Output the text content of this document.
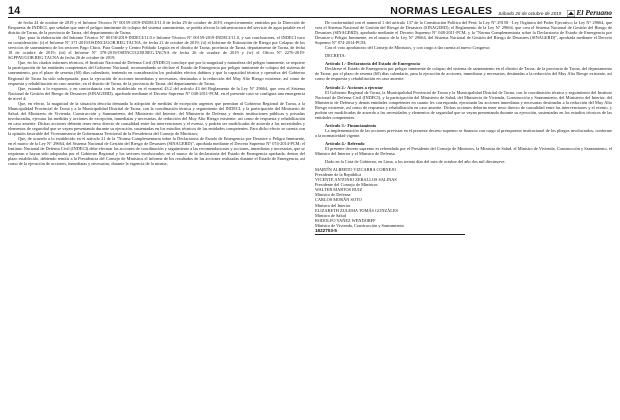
14	NORMAS LEGALES Sábado 26 de octubre de 2019 El Peruano

de fecha 24 de octubre de 2019 y el Informe Técnico N° 00159-2019-INDECI/11.0 de fecha 29 de octubre de 2019, respectivamente, emitidos por la Dirección de Respuesta de INDECI, que señalan que ante el peligro inminente de colapso del sistema saneamiento, se podría afectar la infraestructura del servicio de agua potable en el distrito de Tacna, de la provincia de Tacna, del departamento de Tacna;

Que, para la elaboración del Informe Técnico N° 00158-2019-INDECI/11.0 e Informe Técnico N° 00159-2019-INDECI/11.0, y sus conclusiones, el INDECI tuvo en consideración: (i) el Informe N° 371-2019/OSDNCI/GOB.REG.TACNA, de fecha 21 de octubre de 2019; (ii) el Informe de Estimación de Riesgo por Colapso de los servicios de saneamiento de los sectores Pago Chico, Para Grande y Centro Poblado Leguía en el distrito de Tacna, provincia de Tacna, departamento de Tacna, de fecha 18 de octubre de 2019; (iii) el Informe N° 378-2019/OSDNCI/GOB.REG.TACNA de fecha 26 de octubre de 2019 y (iv) el Oficio N° 2276-2019-SGPPAT/GOB.REG.TACNA de fecha 26 de octubre de 2019;

Que, en los citados informes técnicos, el Instituto Nacional de Defensa Civil (INDECI) concluye que por la magnitud y naturaleza del peligro inminente, se requiere la participación de las entidades competentes del Gobierno Nacional; recomendando se declare el Estado de Emergencia por peligro inminente de colapso del sistema de saneamiento, por el plazo de sesenta (60) días calendario, teniendo en consideración los probables efectos dañinos y que la capacidad técnica y operativa del Gobierno Regional de Tacna ha sido sobrepasada, para la ejecución de acciones inmediatas y necesarias, destinadas a la reducción del Muy Alto Riesgo existente, así como de respuesta y rehabilitación en caso amerite, en el distrito de Tacna, de la provincia de Tacna, del departamento de Tacna;

Que, estando a lo expuesto, y en concordancia con lo establecido en el numeral 43.2 del artículo 43 del Reglamento de la Ley N° 29664, que crea el Sistema Nacional de Gestión del Riesgo de Desastres (SINAGERD), aprobado mediante el Decreto Supremo N° 048-2011-PCM, en el presente caso se configura una emergencia de nivel 4;

Que, en efecto, la magnitud de la situación descrita demanda la adopción de medidas de excepción urgentes que permitan al Gobierno Regional de Tacna, a la Municipalidad Provincial de Tacna y a la Municipalidad Distrital de Tacna, con la coordinación técnica y seguimiento del INDECI, y la participación del Ministerio de Salud, del Ministerio de Vivienda, Construcción y Saneamiento, del Ministerio del Interior, del Ministerio de Defensa y demás instituciones públicas y privadas involucradas, ejecutar las medidas y acciones de excepción, inmediatas y necesarias, de reducción del Muy Alto Riesgo existente, así como de respuesta y rehabilitación en caso amerite. Dichas acciones deberán tener nexo directo de causalidad entre las intervenciones y el evento, y podrán ser modificadas de acuerdo a las necesidades y elementos de seguridad que se vayan presentando durante su ejecución, sustentadas en los estudios técnicos de las entidades competentes. Para dicho efecto se cuenta con la opinión favorable del Viceministerio de Gobernanza Territorial de la Presidencia del Consejo de Ministros;

Que, de acuerdo a lo establecido en el artículo 21 de la "Norma Complementaria sobre la Declaratoria de Estado de Emergencia por Desastre o Peligro Inminente, en el marco de la Ley N° 29664, del Sistema Nacional de Gestión del Riesgo de Desastres (SINAGERD)", aprobada mediante el Decreto Supremo N° 074-2014-PCM; el Instituto Nacional de Defensa Civil (INDECI) debe efectuar las acciones de coordinación y seguimiento a las recomendaciones y acciones, inmediatas y necesarias, que se requieran o hayan sido adoptadas por el Gobierno Regional y los sectores involucrados, en el marco de la declaratoria del Estado de Emergencia aprobada, dentro del plazo establecido, debiendo remitir a la Presidencia del Consejo de Ministros el informe de los resultados de las acciones realizadas durante el Estado de Emergencia, así como de la ejecución de acciones, inmediatas y necesarias, durante la vigencia de la misma;

De conformidad con el numeral 1 del artículo 137 de la Constitución Política del Perú; la Ley N° 29158 - Ley Orgánica del Poder Ejecutivo; la Ley N° 29664, que crea el Sistema Nacional de Gestión del Riesgo de Desastres (SINAGERD); el Reglamento de la Ley N° 29664, que crea el Sistema Nacional de Gestión del Riesgo de Desastres (SINAGERD), aprobado mediante el Decreto Supremo N° 048-2011-PCM; y la "Norma Complementaria sobre la Declaratoria de Estado de Emergencia por Desastre o Peligro Inminente, en el marco de la Ley N° 29664, del Sistema Nacional de Gestión del Riesgo de Desastres (SINAGERD)", aprobada mediante el Decreto Supremo N° 074-2014-PCM;

Con el voto aprobatorio del Consejo de Ministros, y con cargo a dar cuenta al nuevo Congreso;

DECRETA:

Artículo 1.- Declaratoria del Estado de Emergencia

Declárese el Estado de Emergencia por peligro inminente de colapso del sistema de saneamiento en el distrito de Tacna, de la provincia de Tacna, del departamento de Tacna, por el plazo de sesenta (60) días calendario, para la ejecución de acciones, inmediatas y necesarias, destinadas a la reducción del Muy Alto Riesgo existente, así como de respuesta y rehabilitación en caso amerite.

Artículo 2.- Acciones a ejecutar

El Gobierno Regional de Tacna, la Municipalidad Provincial de Tacna y la Municipalidad Distrital de Tacna, con la coordinación técnica y seguimiento del Instituto Nacional de Defensa Civil (INDECI), y la participación del Ministerio de Salud, del Ministerio de Vivienda, Construcción y Saneamiento, del Ministerio del Interior, del Ministerio de Defensa y demás entidades competentes en cuanto les corresponda, ejecutarán las acciones inmediatas y necesarias destinadas a la reducción del Muy Alto Riesgo existente, así como de respuesta y rehabilitación en caso amerite. Dichas acciones deberán tener nexo directo de causalidad entre las intervenciones y el evento, y podrán ser modificadas de acuerdo a las necesidades y elementos de seguridad que se vayan presentando durante su ejecución, sustentadas en los estudios técnicos de las entidades competentes.

Artículo 3.- Financiamiento

La implementación de las acciones previstas en el presente decreto supremo se financia con cargo al presupuesto institucional de los pliegos involucrados, conforme a la normatividad vigente.

Artículo 4.- Refrendo

El presente decreto supremo es refrendado por el Presidente del Consejo de Ministros, la Ministra de Salud, el Ministro de Vivienda, Construcción y Saneamiento, el Ministro del Interior y el Ministro de Defensa.

Dado en la Casa de Gobierno, en Lima, a los treinta días del mes de octubre del año dos mil diecinueve.

MARTÍN ALBERTO VIZCARRA CORNEJO

Presidente de la República

VICENTE ANTONIO ZEBALLOS SALINAS

Presidente del Consejo de Ministros

WALTER MARTOS RUIZ

Ministro de Defensa

CARLOS MORÁN SOTO

Ministro del Interior

ELIZABETH ZULEMA TOMÁS GONZÁLES

Ministra de Salud

RODOLFO YAÑEZ WENDORFF

Ministro de Vivienda, Construcción y Saneamiento

1822703-5
